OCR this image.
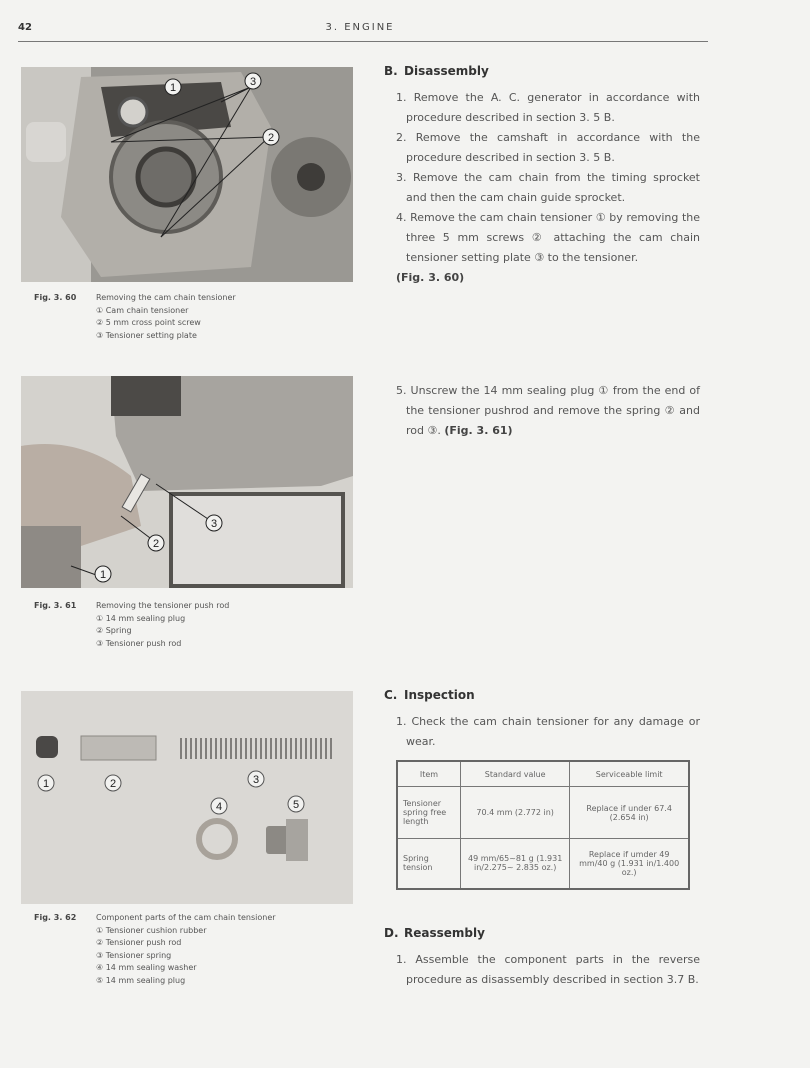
42	3. ENGINE
1	3
2
Fig. 3. 60 Removing the cam chain tensioner
① Cam chain tensioner
② 5 mm cross point screw
③ Tensioner setting plate
3
2
1
Fig. 3. 61 Removing the tensioner push rod
① 14 mm sealing plug
② Spring
③ Tensioner push rod
1	2	3
4	5
Fig. 3. 62 Component parts of the cam chain tensioner
① Tensioner cushion rubber
② Tensioner push rod
③ Tensioner spring
④ 14 mm sealing washer
⑤ 14 mm sealing plug
B. Disassembly
1. Remove the A. C. generator in accordance with procedure described in section 3. 5 B.
2. Remove the camshaft in accordance with the procedure described in section 3. 5 B.
3. Remove the cam chain from the timing sprocket and then the cam chain guide sprocket.
4. Remove the cam chain tensioner ① by removing the three 5 mm screws ② attaching the cam chain tensioner setting plate ③ to the tensioner.
(Fig. 3. 60)
5. Unscrew the 14 mm sealing plug ① from the end of the tensioner pushrod and remove the spring ② and rod ③. (Fig. 3. 61)
C. Inspection
1. Check the cam chain tensioner for any damage or wear.
Item	Standard value	Serviceable limit
Tensioner spring free length	70.4 mm (2.772 in)	Replace if under 67.4 (2.654 in)
Spring tension	49 mm/65~81 g (1.931 in/2.275~ 2.835 oz.)	Replace if umder 49 mm/40 g (1.931 in/1.400 oz.)
D. Reassembly
1. Assemble the component parts in the reverse procedure as disassembly described in section 3.7 B.
